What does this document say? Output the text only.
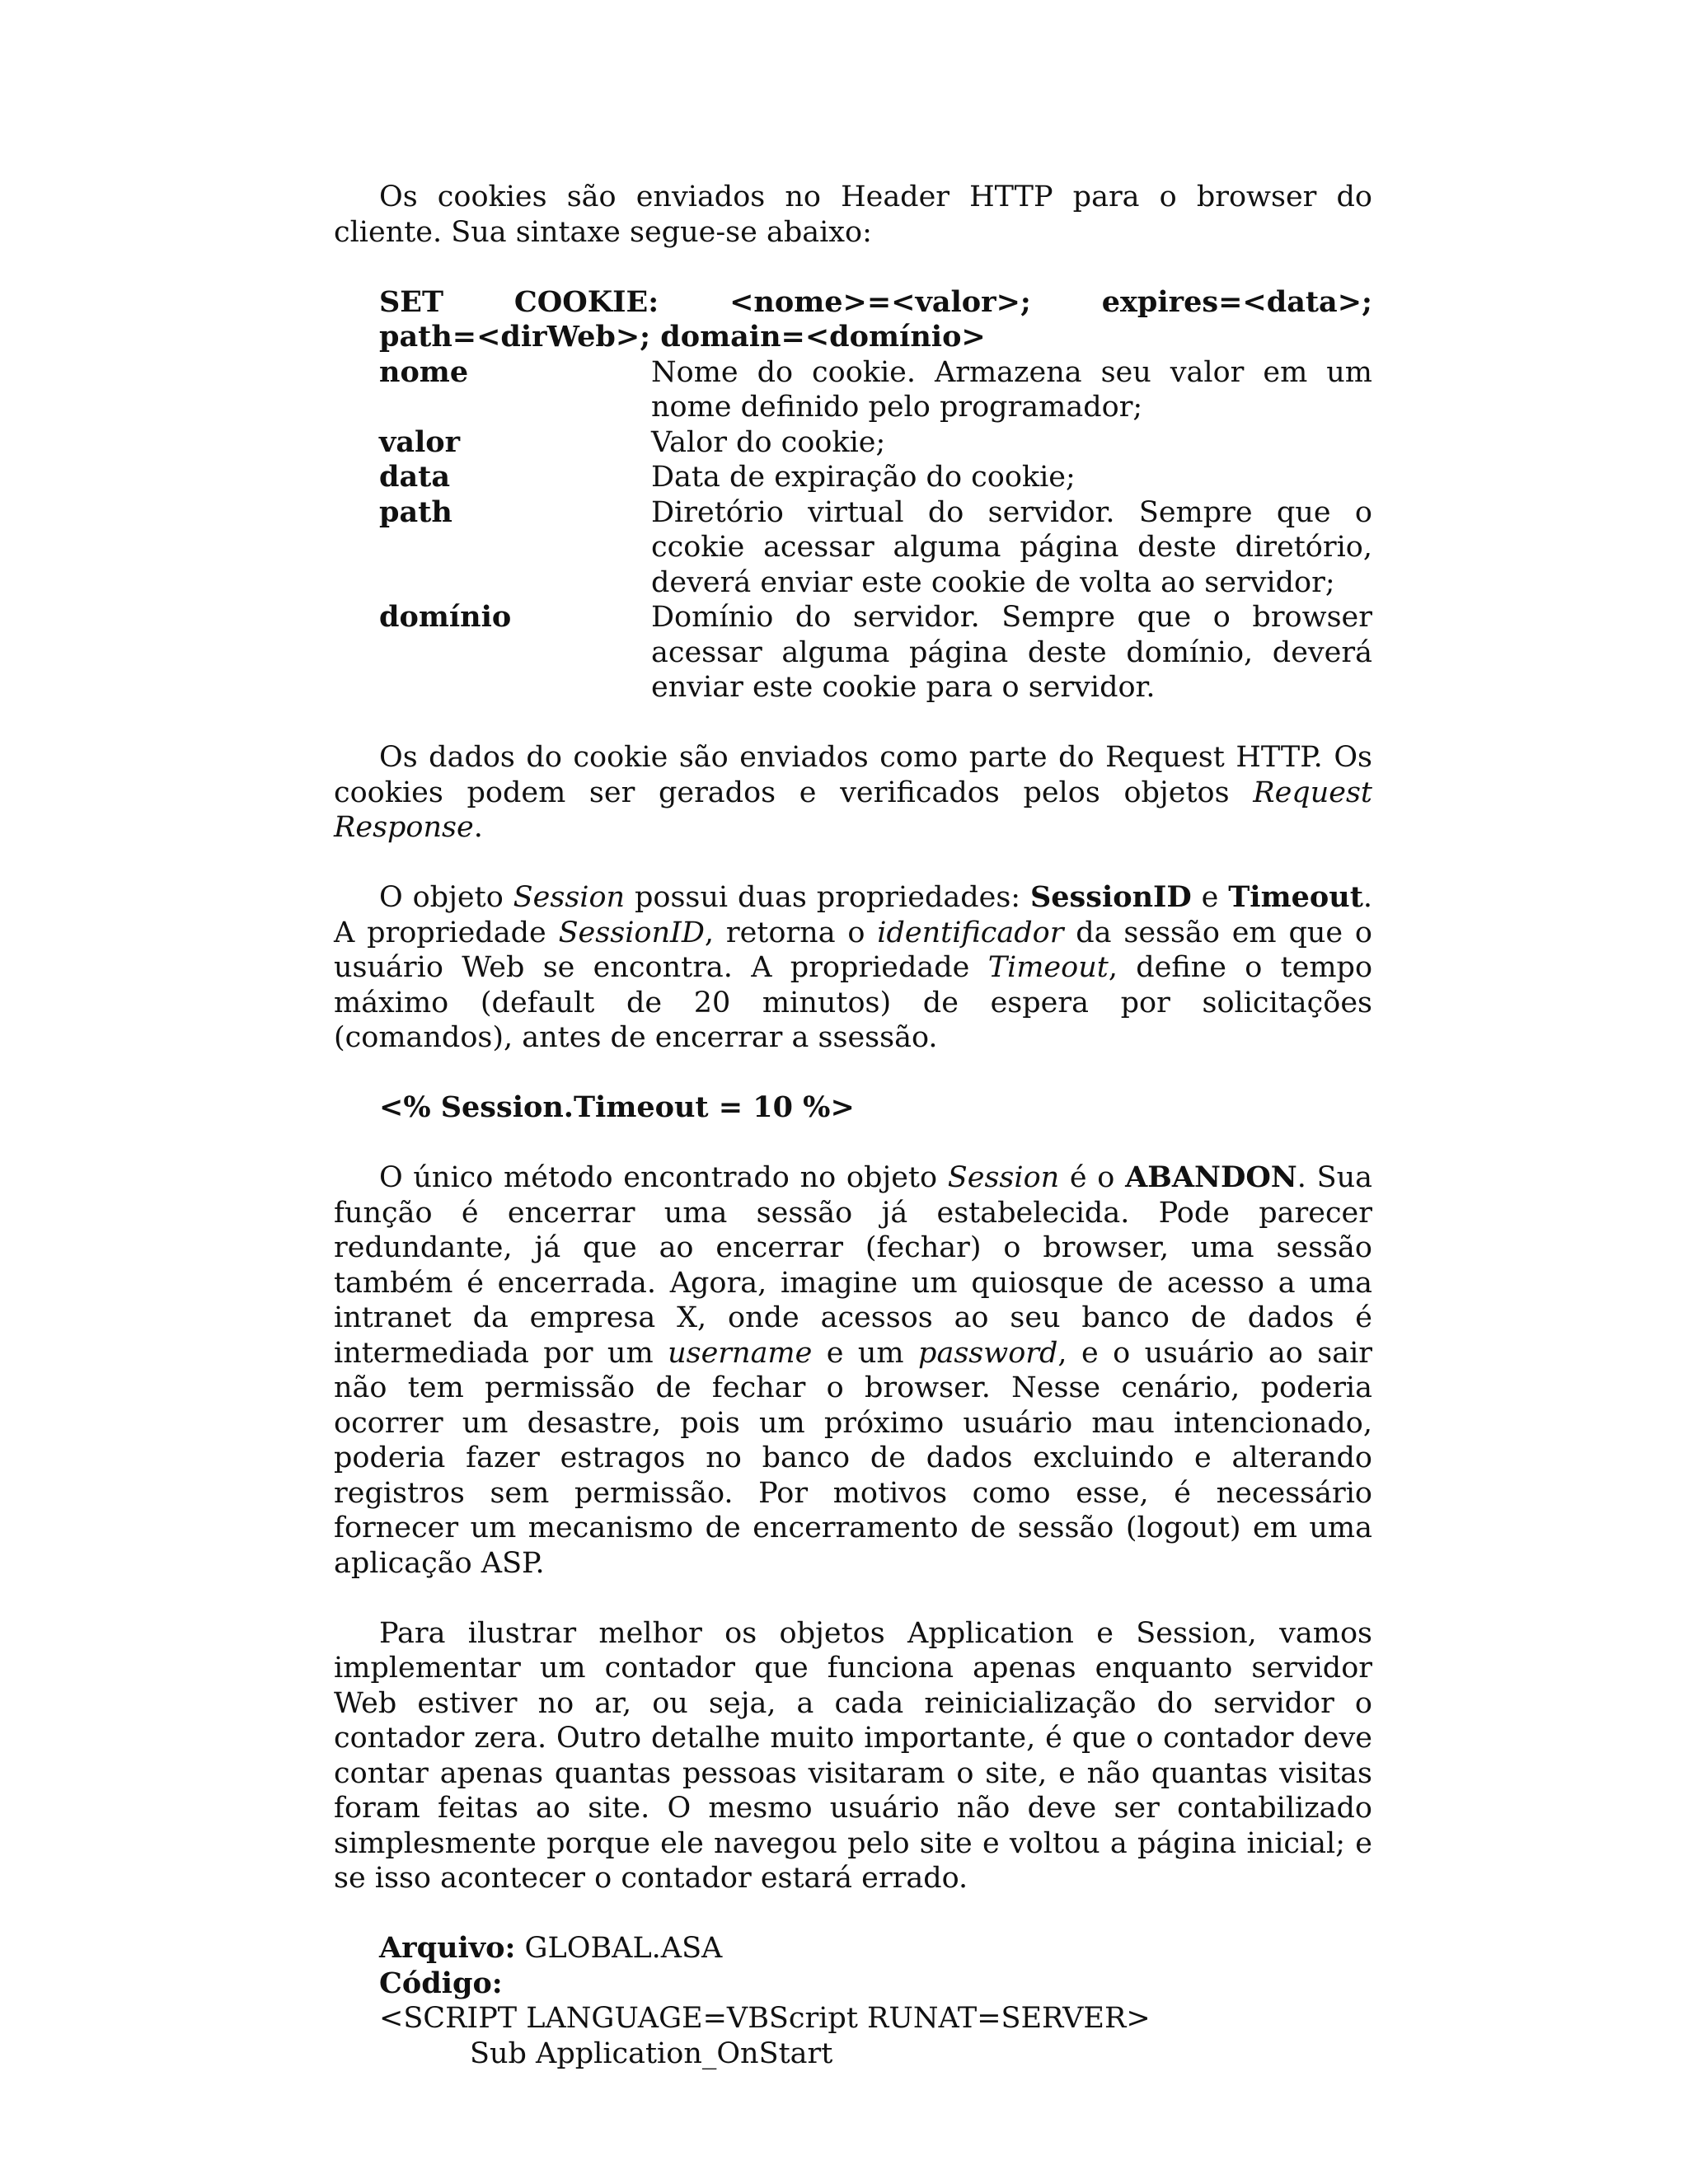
Os cookies são enviados no Header HTTP para o browser do cliente. Sua sintaxe segue-se abaixo:

SET COOKIE: <nome>=<valor>; expires=<data>;
path=<dirWeb>; domain=<domínio>
nome	Nome do cookie. Armazena seu valor em um nome definido pelo programador;
valor	Valor do cookie;
data	Data de expiração do cookie;
path	Diretório virtual do servidor. Sempre que o ccokie acessar alguma página deste diretório, deverá enviar este cookie de volta ao servidor;
domínio	Domínio do servidor. Sempre que o browser acessar alguma página deste domínio, deverá enviar este cookie para o servidor.

Os dados do cookie são enviados como parte do Request HTTP. Os cookies podem ser gerados e verificados pelos objetos Request Response.

O objeto Session possui duas propriedades: SessionID e Timeout. A propriedade SessionID, retorna o identificador da sessão em que o usuário Web se encontra. A propriedade Timeout, define o tempo máximo (default de 20 minutos) de espera por solicitações (comandos), antes de encerrar a ssessão.

<% Session.Timeout = 10 %>

O único método encontrado no objeto Session é o ABANDON. Sua função é encerrar uma sessão já estabelecida. Pode parecer redundante, já que ao encerrar (fechar) o browser, uma sessão também é encerrada. Agora, imagine um quiosque de acesso a uma intranet da empresa X, onde acessos ao seu banco de dados é intermediada por um username e um password, e o usuário ao sair não tem permissão de fechar o browser. Nesse cenário, poderia ocorrer um desastre, pois um próximo usuário mau intencionado, poderia fazer estragos no banco de dados excluindo e alterando registros sem permissão. Por motivos como esse, é necessário fornecer um mecanismo de encerramento de sessão (logout) em uma aplicação ASP.

Para ilustrar melhor os objetos Application e Session, vamos implementar um contador que funciona apenas enquanto servidor Web estiver no ar, ou seja, a cada reinicialização do servidor o contador zera. Outro detalhe muito importante, é que o contador deve contar apenas quantas pessoas visitaram o site, e não quantas visitas foram feitas ao site. O mesmo usuário não deve ser contabilizado simplesmente porque ele navegou pelo site e voltou a página inicial; e se isso acontecer o contador estará errado.

Arquivo: GLOBAL.ASA
Código:
<SCRIPT LANGUAGE=VBScript RUNAT=SERVER>
Sub Application_OnStart
